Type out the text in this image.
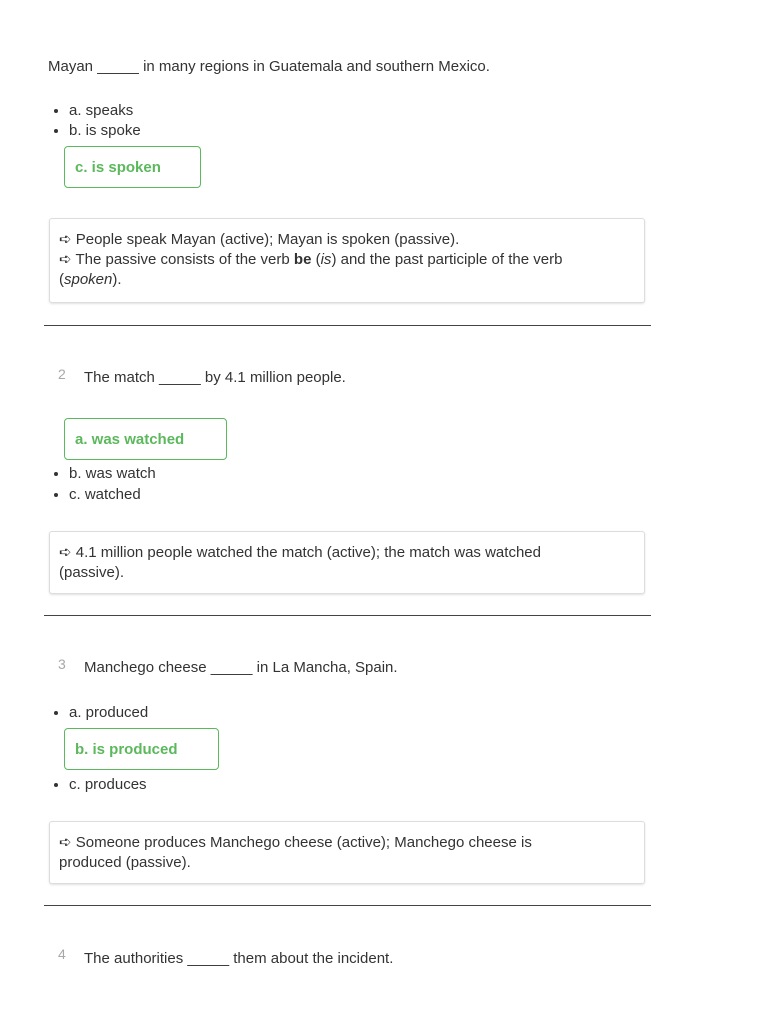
Mayan _____ in many regions in Guatemala and southern Mexico.
a. speaks
b. is spoke
c. is spoken
➪ People speak Mayan (active); Mayan is spoken (passive).
➪ The passive consists of the verb be (is) and the past participle of the verb
(spoken).
2 The match _____ by 4.1 million people.
a. was watched
b. was watch
c. watched
➪ 4.1 million people watched the match (active); the match was watched
(passive).
3 Manchego cheese _____ in La Mancha, Spain.
a. produced
b. is produced
c. produces
➪ Someone produces Manchego cheese (active); Manchego cheese is
produced (passive).
4 The authorities _____ them about the incident.
